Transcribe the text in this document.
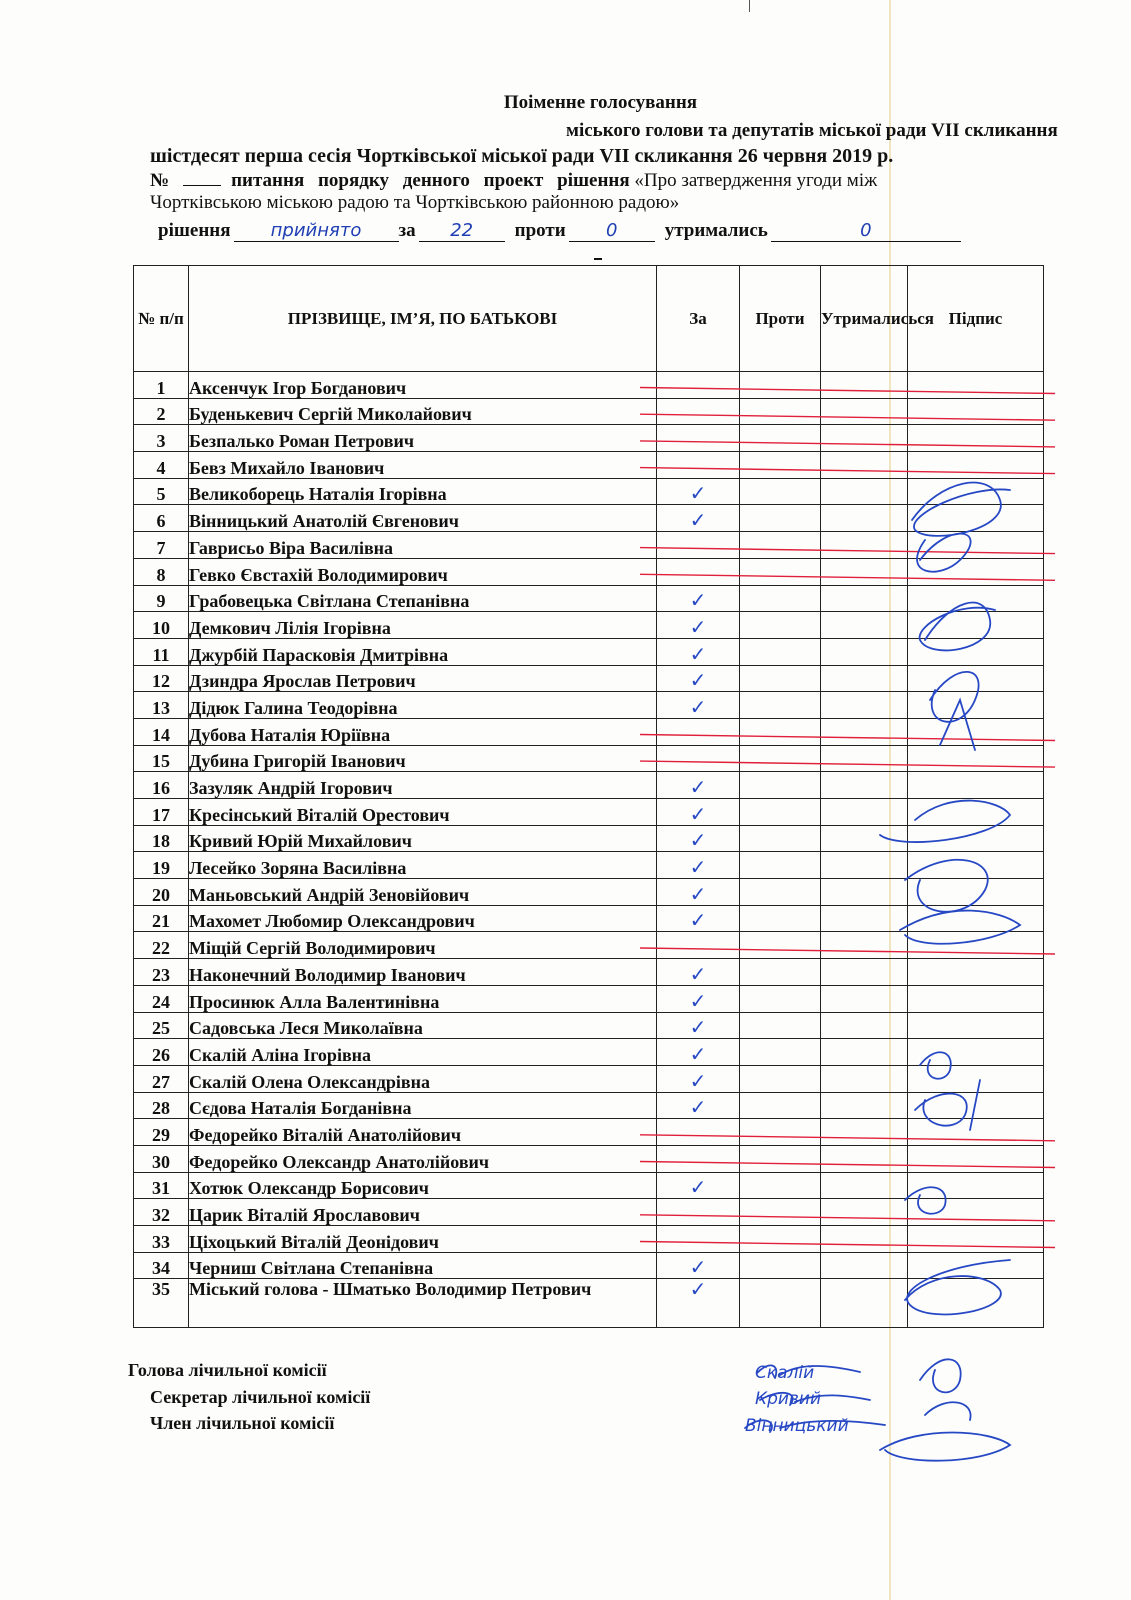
Поіменне голосування
міського голови та депутатів міської ради VII скликання
шістдесят перша сесія Чортківської міської ради VII скликання 26 червня 2019 р.
№	питання порядку денного проект рішення «Про затвердження угоди між
Чортківською міською радою та Чортківською районною радою»
рішення прийнято за 22 проти 0 утримались	0
№ п/п	ПРІЗВИЩЕ, ІМ’Я, ПО БАТЬКОВІ	За	Проти	Утрималисься	Підпис
1	Аксенчук Ігор Богданович				
2	Буденькевич Сергій Миколайович				
3	Безпалько Роман Петрович				
4	Бевз Михайло Іванович				
5	Великоборець Наталія Ігорівна	✓			
6	Вінницький Анатолій Євгенович	✓			
7	Гаврисьо Віра Василівна				
8	Гевко Євстахій Володимирович				
9	Грабовецька Світлана Степанівна	✓			
10	Демкович Лілія Ігорівна	✓			
11	Джурбій Парасковія Дмитрівна	✓			
12	Дзиндра Ярослав Петрович	✓			
13	Дідюк Галина Теодорівна	✓			
14	Дубова Наталія Юріївна				
15	Дубина Григорій Іванович				
16	Зазуляк Андрій Ігорович	✓			
17	Кресінський Віталій Орестович	✓			
18	Кривий Юрій Михайлович	✓			
19	Лесейко Зоряна Василівна	✓			
20	Маньовський Андрій Зеновійович	✓			
21	Махомет Любомир Олександрович	✓			
22	Міщій Сергій Володимирович				
23	Наконечний Володимир Іванович	✓			
24	Просинюк Алла Валентинівна	✓			
25	Садовська Леся Миколаївна	✓			
26	Скалій Аліна Ігорівна	✓			
27	Скалій Олена Олександрівна	✓			
28	Сєдова Наталія Богданівна	✓			
29	Федорейко Віталій Анатолійович				
30	Федорейко Олександр Анатолійович				
31	Хотюк Олександр Борисович	✓			
32	Царик Віталій Ярославович				
33	Ціхоцький Віталій Деонідович				
34	Черниш Світлана Степанівна	✓			
35	Міський голова - Шматько Володимир Петрович	✓			
Скалій
Кривий
Вінницький
Голова лічильної комісії
Секретар лічильної комісії
Член лічильної комісії
